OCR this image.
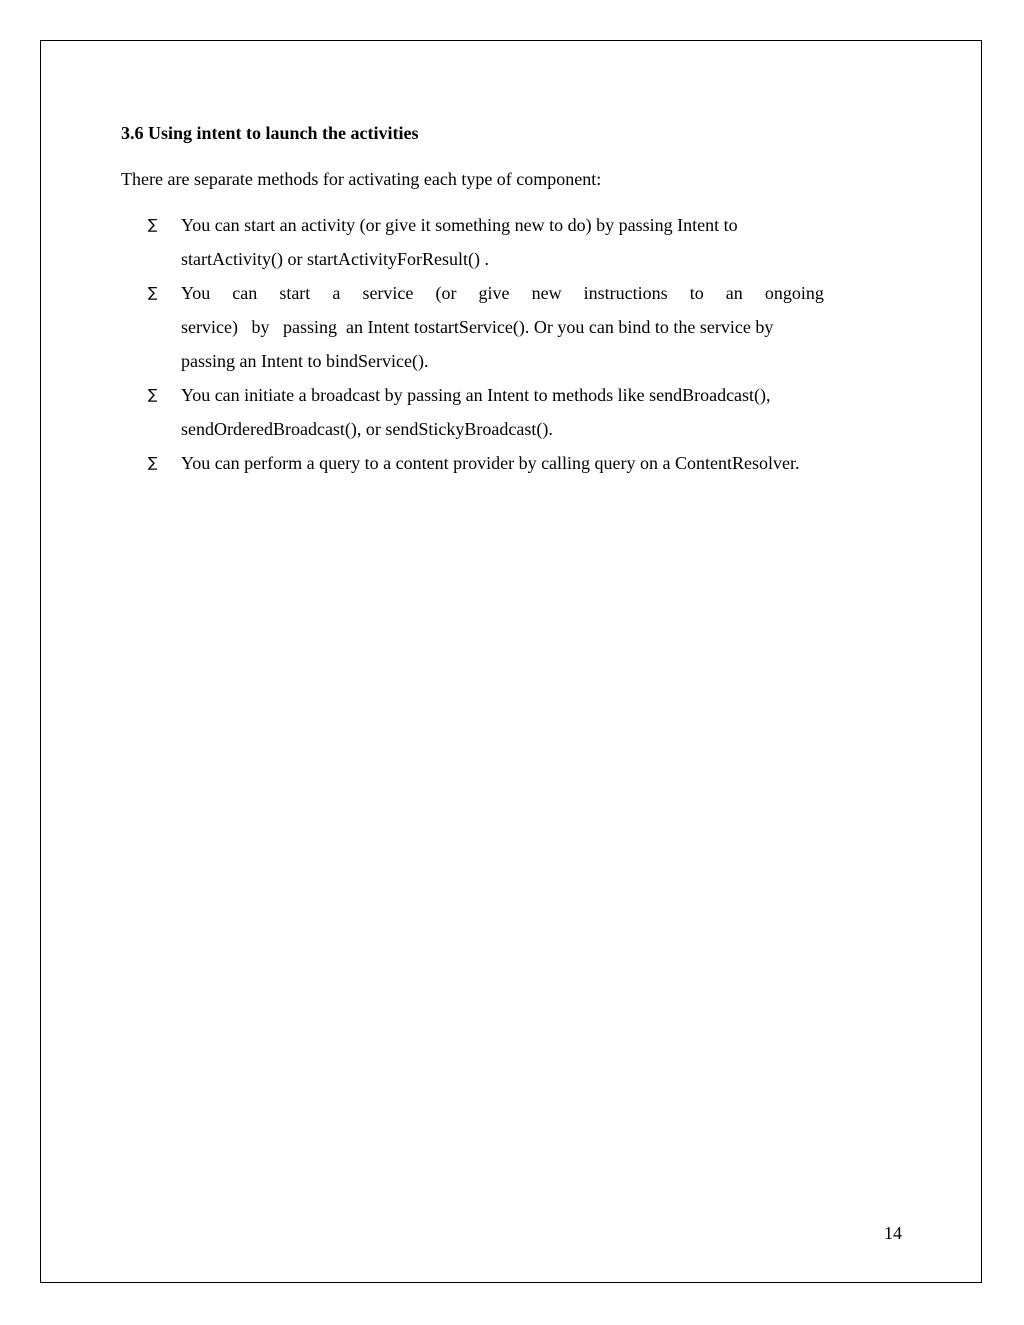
3.6 Using intent to launch the activities

There are separate methods for activating each type of component:

∑ You can start an activity (or give it something new to do) by passing Intent to
startActivity() or startActivityForResult() .
∑ You can start a service (or give new instructions to an ongoing
service)   by   passing  an Intent tostartService(). Or you can bind to the service by
passing an Intent to bindService().
∑ You can initiate a broadcast by passing an Intent to methods like sendBroadcast(),
sendOrderedBroadcast(), or sendStickyBroadcast().
∑ You can perform a query to a content provider by calling query on a ContentResolver.
14
